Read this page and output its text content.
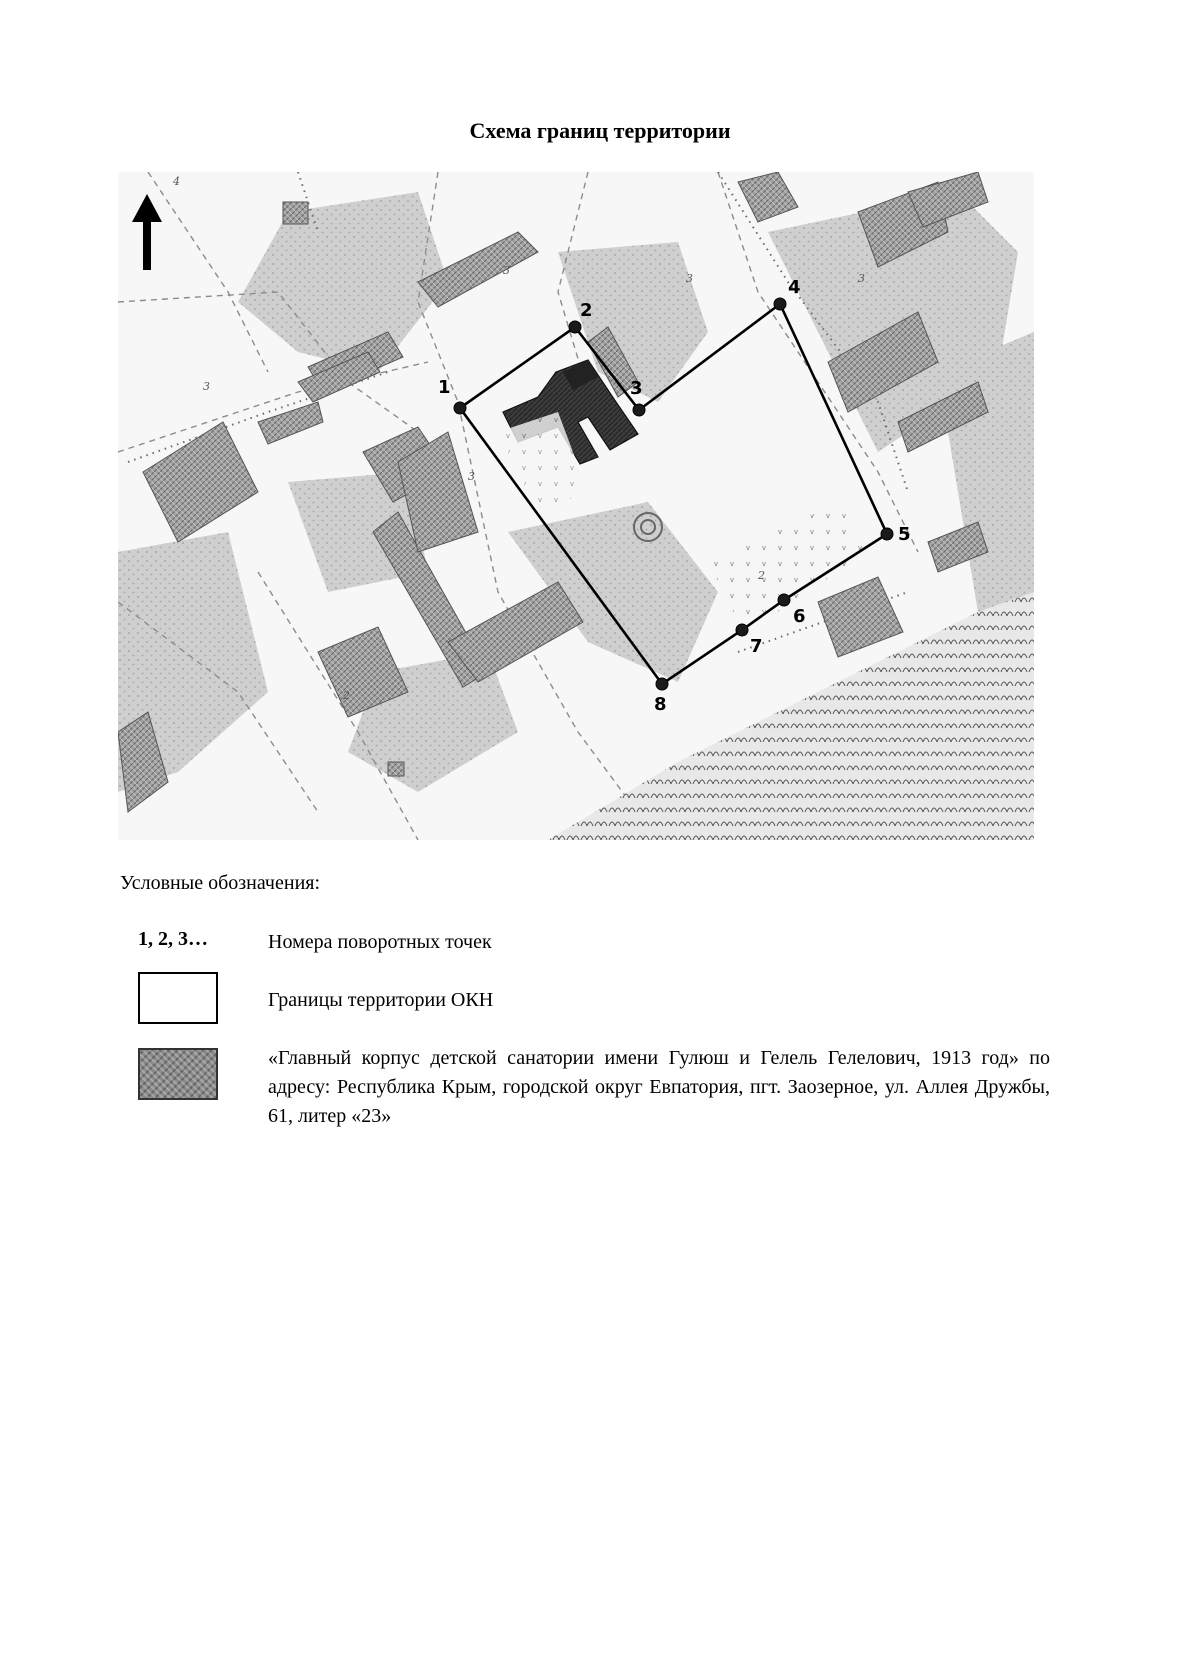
Схема границ территории
4
3
3
3	3
2
2
3
1
2
3
4
5
6
7
8
Условные обозначения:
1, 2, 3…	Номера поворотных точек
Границы территории ОКН
«Главный корпус детской санатории имени Гулюш и Гелель Гелелович, 1913 год» по адресу: Республика Крым, городской округ Евпатория, пгт. Заозерное, ул. Аллея Дружбы, 61, литер «23»
